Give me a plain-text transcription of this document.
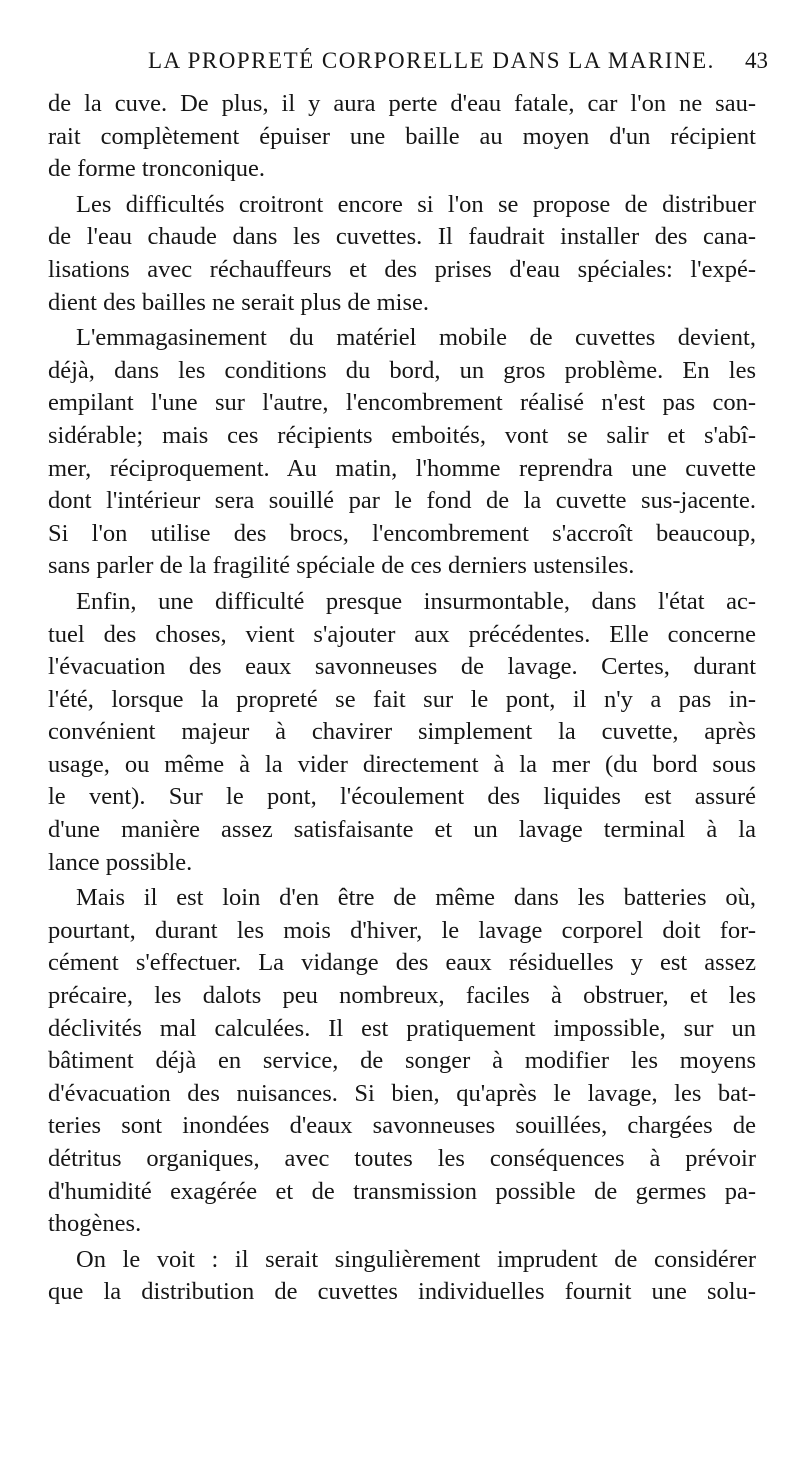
LA PROPRETÉ CORPORELLE DANS LA MARINE. 43
de la cuve. De plus, il y aura perte d'eau fatale, car l'on ne sau-
rait complètement épuiser une baille au moyen d'un récipient
de forme tronconique.
Les difficultés croitront encore si l'on se propose de distribuer
de l'eau chaude dans les cuvettes. Il faudrait installer des cana-
lisations avec réchauffeurs et des prises d'eau spéciales: l'expé-
dient des bailles ne serait plus de mise.
L'emmagasinement du matériel mobile de cuvettes devient,
déjà, dans les conditions du bord, un gros problème. En les
empilant l'une sur l'autre, l'encombrement réalisé n'est pas con-
sidérable; mais ces récipients emboités, vont se salir et s'abî-
mer, réciproquement. Au matin, l'homme reprendra une cuvette
dont l'intérieur sera souillé par le fond de la cuvette sus-jacente.
Si l'on utilise des brocs, l'encombrement s'accroît beaucoup,
sans parler de la fragilité spéciale de ces derniers ustensiles.
Enfin, une difficulté presque insurmontable, dans l'état ac-
tuel des choses, vient s'ajouter aux précédentes. Elle concerne
l'évacuation des eaux savonneuses de lavage. Certes, durant
l'été, lorsque la propreté se fait sur le pont, il n'y a pas in-
convénient majeur à chavirer simplement la cuvette, après
usage, ou même à la vider directement à la mer (du bord sous
le vent). Sur le pont, l'écoulement des liquides est assuré
d'une manière assez satisfaisante et un lavage terminal à la
lance possible.
Mais il est loin d'en être de même dans les batteries où,
pourtant, durant les mois d'hiver, le lavage corporel doit for-
cément s'effectuer. La vidange des eaux résiduelles y est assez
précaire, les dalots peu nombreux, faciles à obstruer, et les
déclivités mal calculées. Il est pratiquement impossible, sur un
bâtiment déjà en service, de songer à modifier les moyens
d'évacuation des nuisances. Si bien, qu'après le lavage, les bat-
teries sont inondées d'eaux savonneuses souillées, chargées de
détritus organiques, avec toutes les conséquences à prévoir
d'humidité exagérée et de transmission possible de germes pa-
thogènes.
On le voit : il serait singulièrement imprudent de considérer
que la distribution de cuvettes individuelles fournit une solu-
